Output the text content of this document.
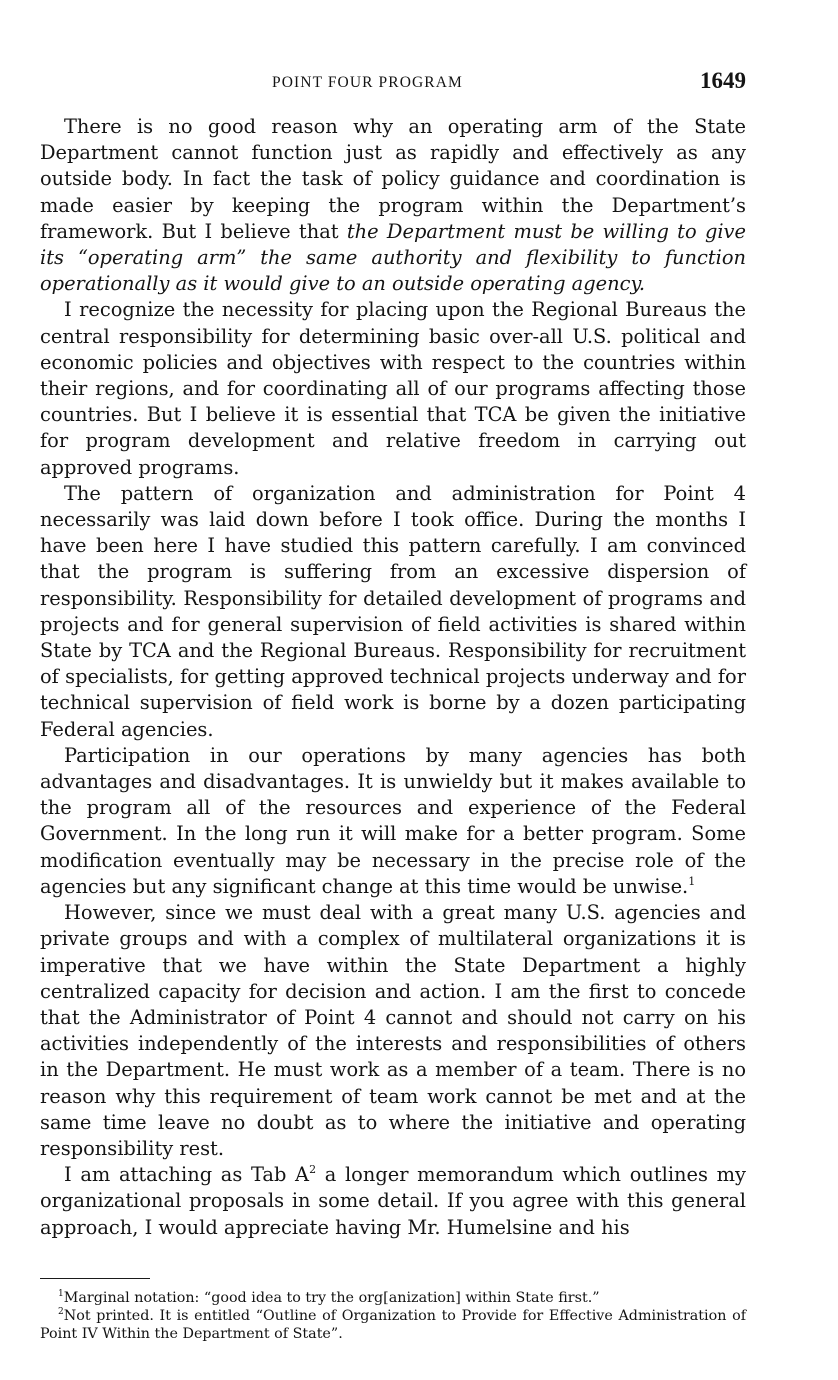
POINT FOUR PROGRAM	1649

There is no good reason why an operating arm of the State Department cannot function just as rapidly and effectively as any outside body. In fact the task of policy guidance and coordination is made easier by keeping the program within the Department’s framework. But I believe that the Department must be willing to give its “operating arm” the same authority and flexibility to function operationally as it would give to an outside operating agency.

I recognize the necessity for placing upon the Regional Bureaus the central responsibility for determining basic over-all U.S. political and economic policies and objectives with respect to the countries within their regions, and for coordinating all of our programs affecting those countries. But I believe it is essential that TCA be given the initiative for program development and relative freedom in carrying out approved programs.

The pattern of organization and administration for Point 4 necessarily was laid down before I took office. During the months I have been here I have studied this pattern carefully. I am convinced that the program is suffering from an excessive dispersion of responsibility. Responsibility for detailed development of programs and projects and for general supervision of field activities is shared within State by TCA and the Regional Bureaus. Responsibility for recruitment of specialists, for getting approved technical projects underway and for technical supervision of field work is borne by a dozen participating Federal agencies.

Participation in our operations by many agencies has both advantages and disadvantages. It is unwieldy but it makes available to the program all of the resources and experience of the Federal Government. In the long run it will make for a better program. Some modification eventually may be necessary in the precise role of the agencies but any significant change at this time would be unwise.$^1$

However, since we must deal with a great many U.S. agencies and private groups and with a complex of multilateral organizations it is imperative that we have within the State Department a highly centralized capacity for decision and action. I am the first to concede that the Administrator of Point 4 cannot and should not carry on his activities independently of the interests and responsibilities of others in the Department. He must work as a member of a team. There is no reason why this requirement of team work cannot be met and at the same time leave no doubt as to where the initiative and operating responsibility rest.

I am attaching as Tab $A^2$ a longer memorandum which outlines my organizational proposals in some detail. If you agree with this general approach, I would appreciate having Mr. Humelsine and his

$^1$Marginal notation: “good idea to try the org[anization] within State first.”

$^2$Not printed. It is entitled “Outline of Organization to Provide for Effective Administration of Point IV Within the Department of State”.
